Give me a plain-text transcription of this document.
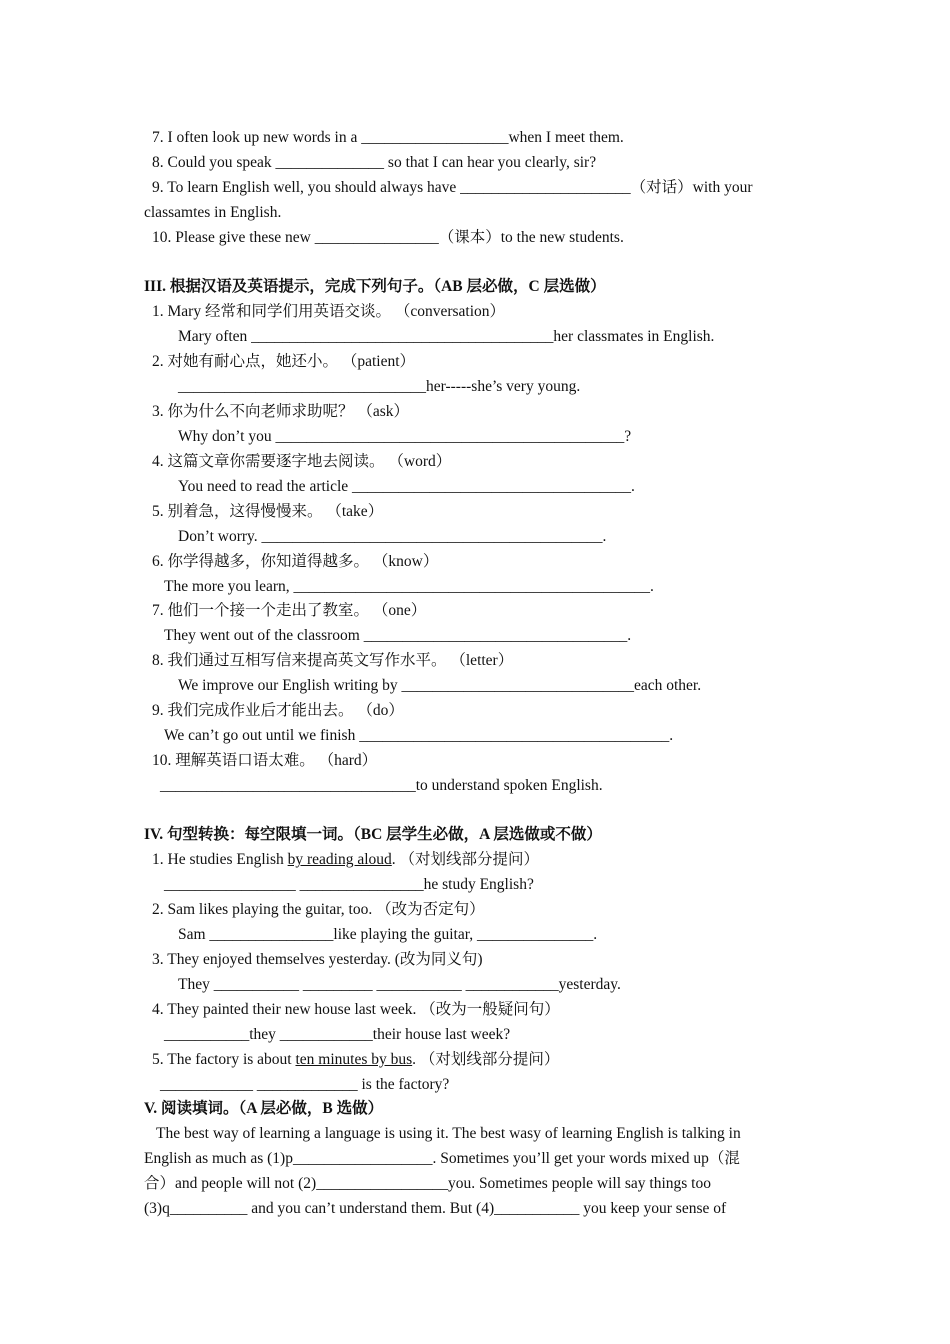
7. I often look up new words in a ___________________when I meet them.
8. Could you speak ______________ so that I can hear you clearly, sir?
9. To learn English well, you should always have ______________________（对话）with your
classamtes in English.
10. Please give these new ________________（课本）to the new students.
III. 根据汉语及英语提示，完成下列句子。（AB 层必做，C 层选做）
1. Mary 经常和同学们用英语交谈。 （conversation）
Mary often _______________________________________her classmates in English.
2. 对她有耐心点，她还小。 （patient）
________________________________her-----she’s very young.
3. 你为什么不向老师求助呢？ （ask）
Why don’t you _____________________________________________?
4. 这篇文章你需要逐字地去阅读。 （word）
You need to read the article ____________________________________.
5. 别着急，这得慢慢来。 （take）
Don’t worry. ____________________________________________.
6. 你学得越多，你知道得越多。 （know）
The more you learn, ______________________________________________.
7. 他们一个接一个走出了教室。 （one）
They went out of the classroom __________________________________.
8. 我们通过互相写信来提高英文写作水平。 （letter）
We improve our English writing by ______________________________each other.
9. 我们完成作业后才能出去。 （do）
We can’t go out until we finish ________________________________________.
10. 理解英语口语太难。 （hard）
_________________________________to understand spoken English.
IV. 句型转换：每空限填一词。（BC 层学生必做，A 层选做或不做）
1. He studies English by reading aloud. （对划线部分提问）
_________________ ________________he study English?
2. Sam likes playing the guitar, too. （改为否定句）
Sam ________________like playing the guitar, _______________.
3. They enjoyed themselves yesterday. (改为同义句)
They ___________ _________ ___________ ____________yesterday.
4. They painted their new house last week. （改为一般疑问句）
___________they ____________their house last week?
5. The factory is about ten minutes by bus. （对划线部分提问）
____________ _____________ is the factory?
V. 阅读填词。（A 层必做，B 选做）
The best way of learning a language is using it. The best wasy of learning English is talking in
English as much as (1)p__________________. Sometimes you’ll get your words mixed up（混
合）and people will not (2)_________________you. Sometimes people will say things too
(3)q__________ and you can’t understand them. But (4)___________ you keep your sense of
